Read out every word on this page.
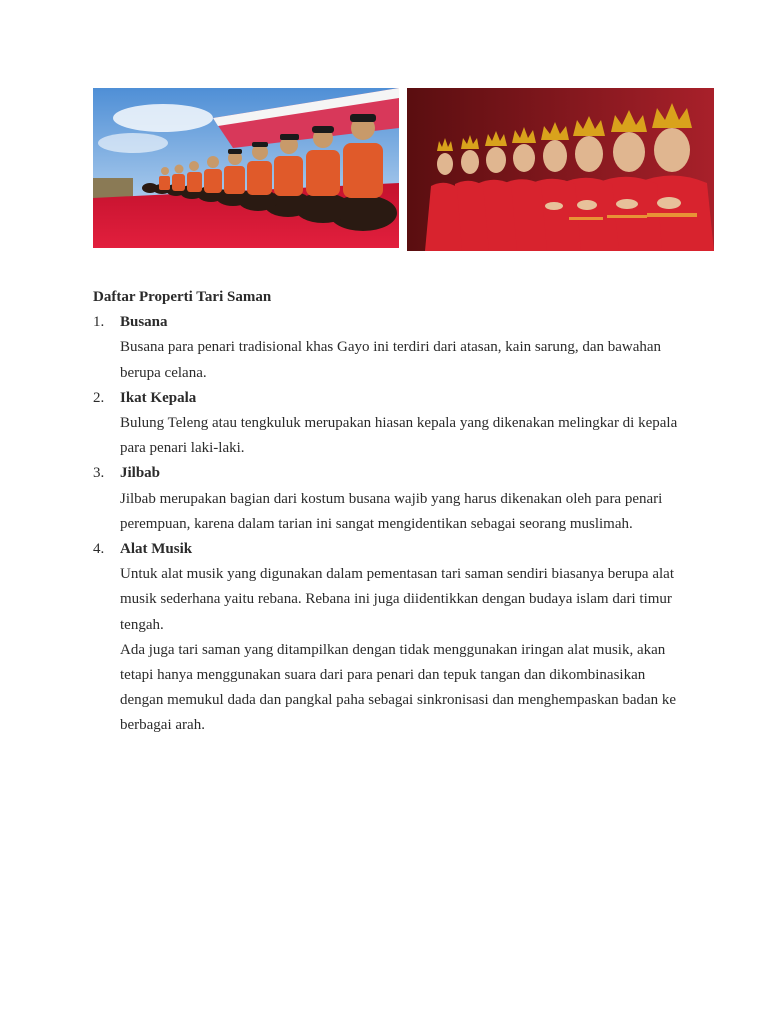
Daftar Properti Tari Saman

1. Busana

Busana para penari tradisional khas Gayo ini terdiri dari atasan, kain sarung, dan bawahan berupa celana.

2. Ikat Kepala

Bulung Teleng atau tengkuluk merupakan hiasan kepala yang dikenakan melingkar di kepala para penari laki-laki.

3. Jilbab

Jilbab merupakan bagian dari kostum busana wajib yang harus dikenakan oleh para penari perempuan, karena dalam tarian ini sangat mengidentikan sebagai seorang muslimah.

4. Alat Musik

Untuk alat musik yang digunakan dalam pementasan tari saman sendiri biasanya berupa alat musik sederhana yaitu rebana. Rebana ini juga diidentikkan dengan budaya islam dari timur tengah.

Ada juga tari saman yang ditampilkan dengan tidak menggunakan iringan alat musik, akan tetapi hanya menggunakan suara dari para penari dan tepuk tangan dan dikombinasikan dengan memukul dada dan pangkal paha sebagai sinkronisasi dan menghempaskan badan ke berbagai arah.
